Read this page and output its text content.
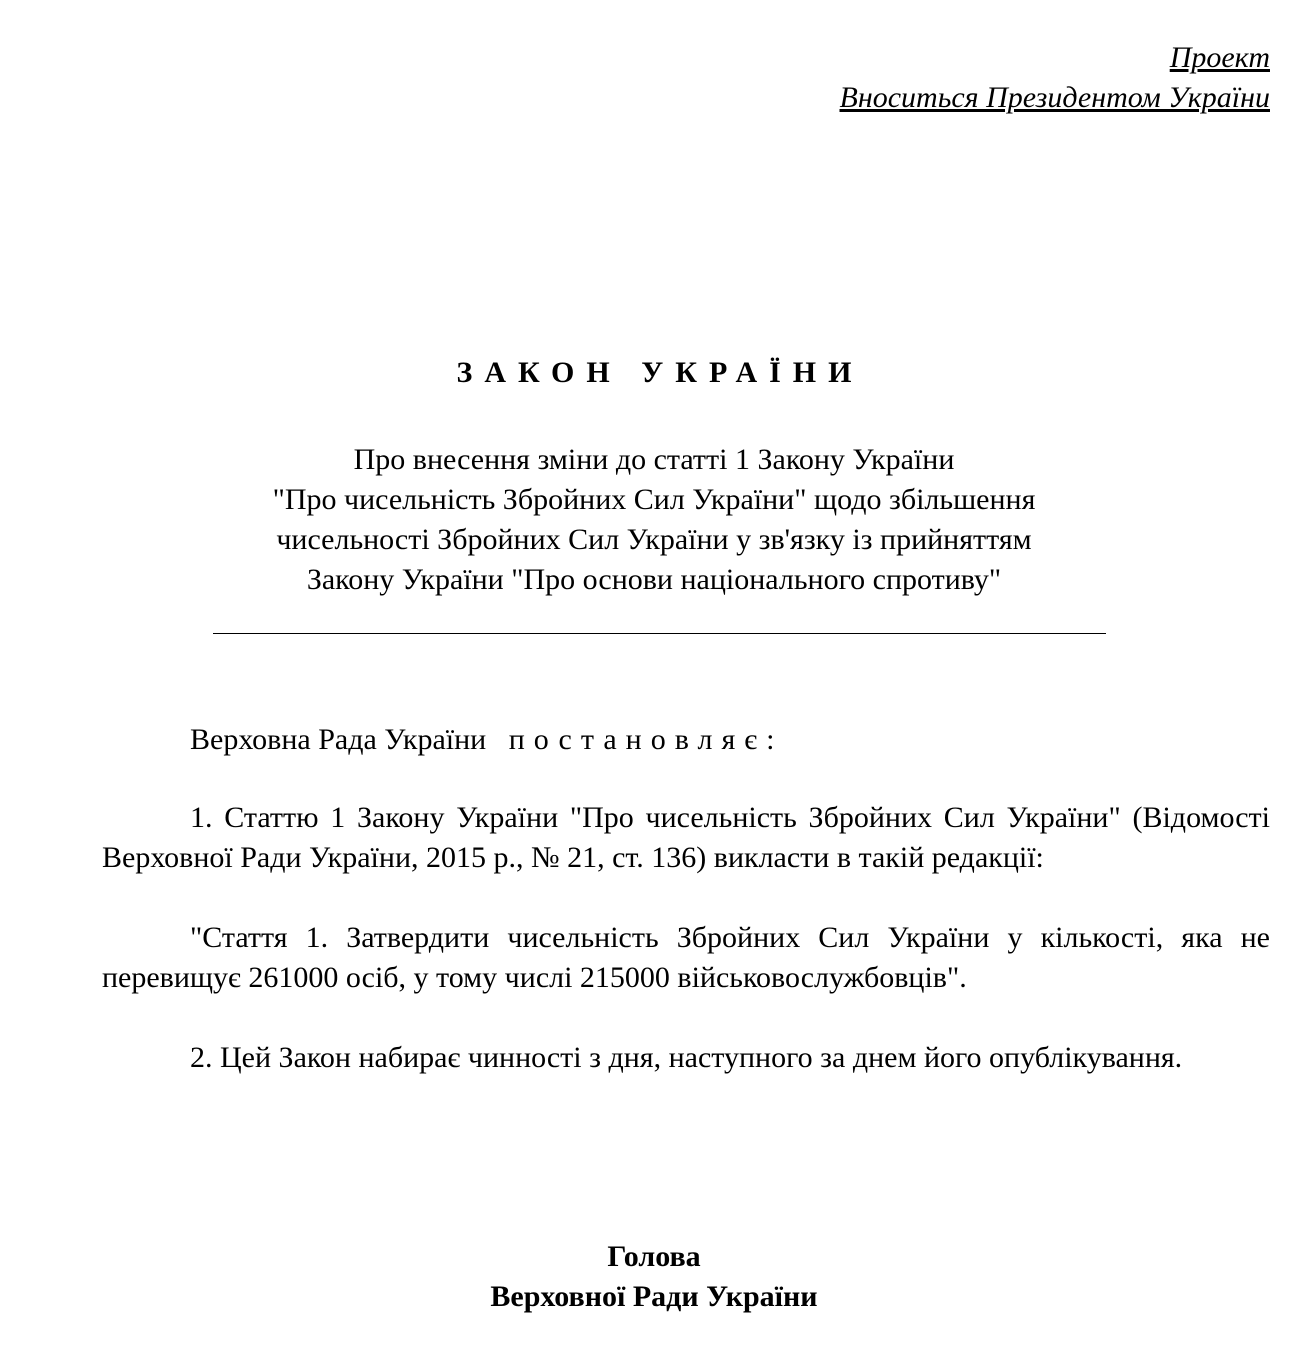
Проект
Вноситься Президентом України
ЗАКОН УКРАЇНИ
Про внесення зміни до статті 1 Закону України
"Про чисельність Збройних Сил України" щодо збільшення
чисельності Збройних Сил України у зв'язку із прийняттям
Закону України "Про основи національного спротиву"
Верховна Рада України постановляє:
1. Статтю 1 Закону України "Про чисельність Збройних Сил України" (Відомості Верховної Ради України, 2015 р., № 21, ст. 136) викласти в такій редакції:
"Стаття 1. Затвердити чисельність Збройних Сил України у кількості, яка не перевищує 261000 осіб, у тому числі 215000 військовослужбовців".
2. Цей Закон набирає чинності з дня, наступного за днем його опублікування.
Голова
Верховної Ради України
